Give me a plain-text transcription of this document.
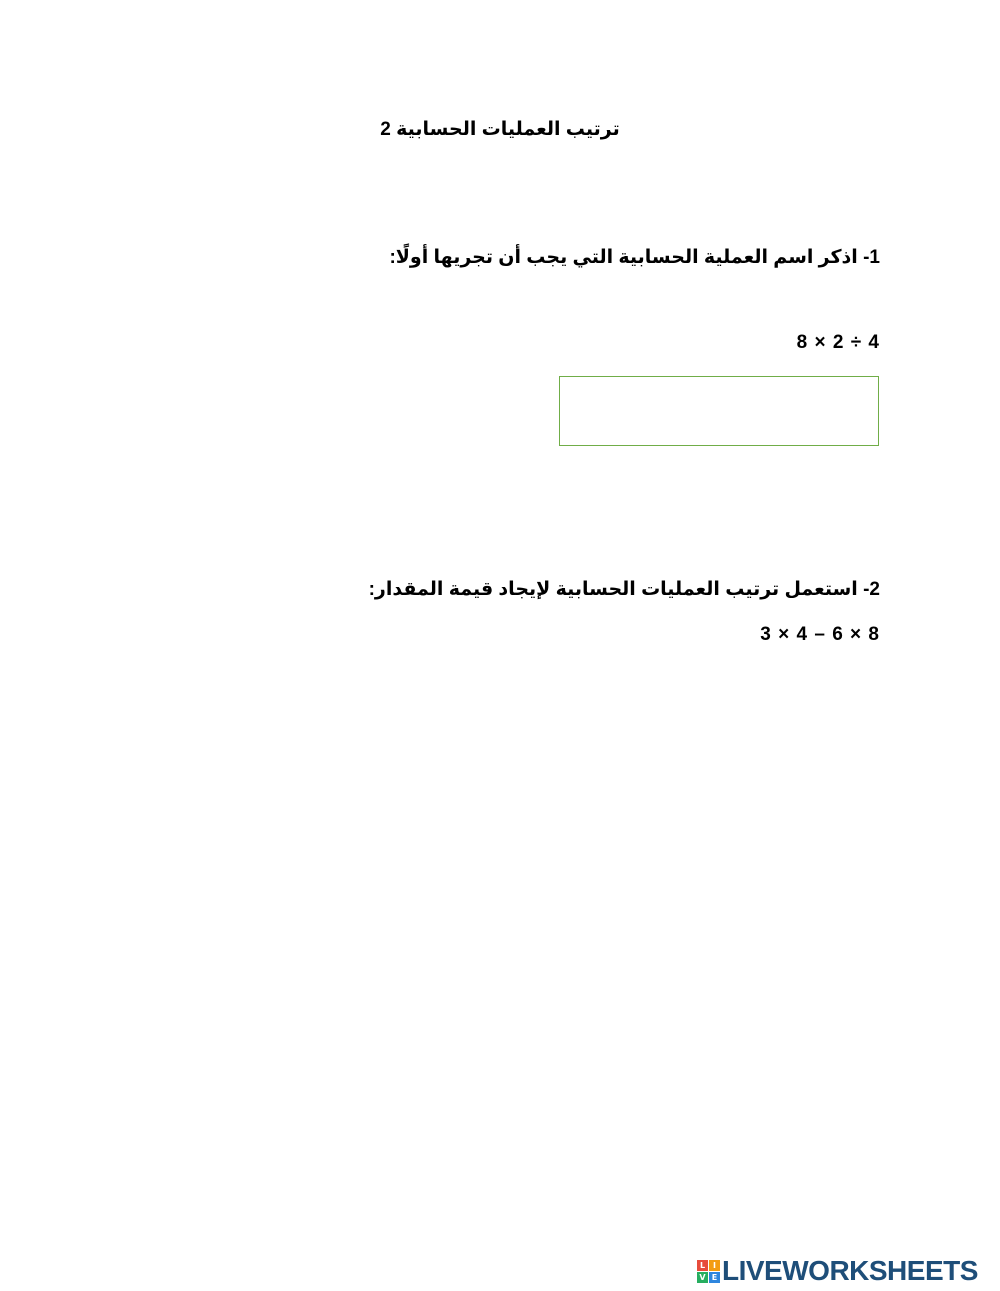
ترتيب العمليات الحسابية 2
1- اذكر اسم العملية الحسابية التي يجب أن تجريها أولًا:
8 × 2 ÷ 4
2- استعمل ترتيب العمليات الحسابية لإيجاد قيمة المقدار:
3 × 4 – 6 × 8
L I
V E LIVEWORKSHEETS
